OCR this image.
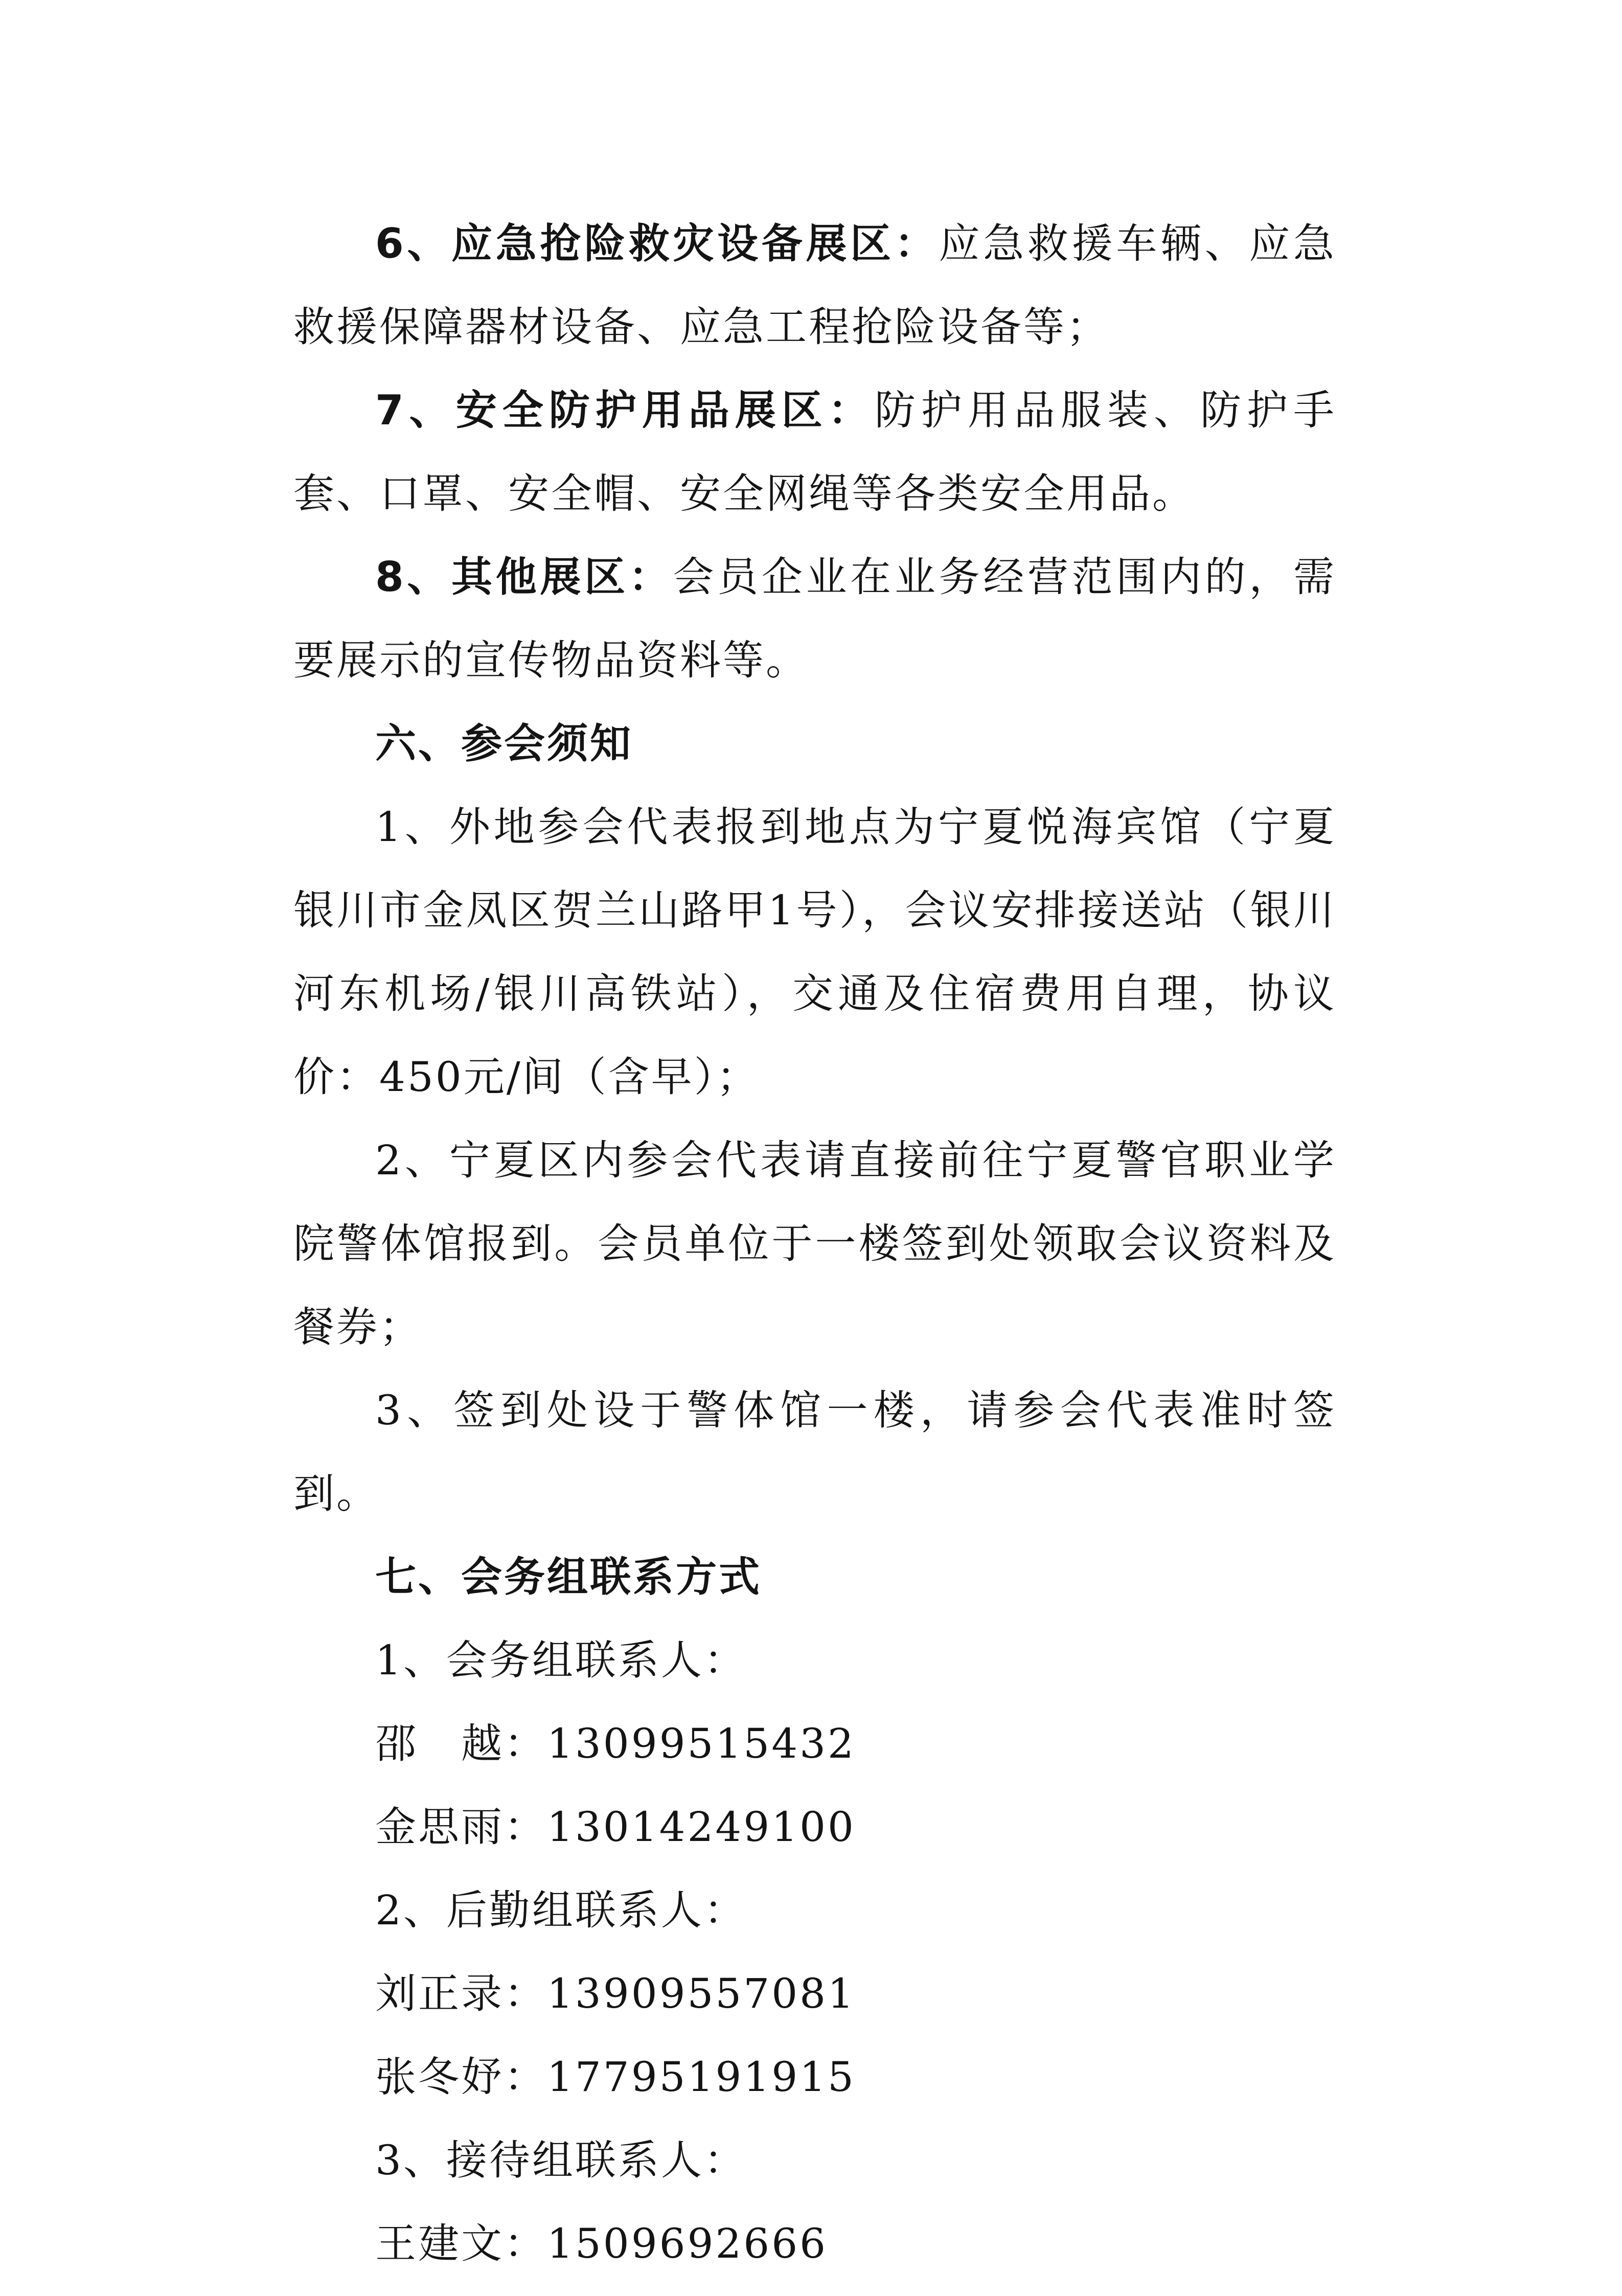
6、应急抢险救灾设备展区：应急救援车辆、应急救援保障器材设备、应急工程抢险设备等；

7、安全防护用品展区：防护用品服装、防护手套、口罩、安全帽、安全网绳等各类安全用品。

8、其他展区：会员企业在业务经营范围内的，需要展示的宣传物品资料等。

六、参会须知

1、外地参会代表报到地点为宁夏悦海宾馆（宁夏银川市金凤区贺兰山路甲1号），会议安排接送站（银川河东机场/银川高铁站），交通及住宿费用自理，协议价：450元/间（含早）；

2、宁夏区内参会代表请直接前往宁夏警官职业学院警体馆报到。会员单位于一楼签到处领取会议资料及餐券；

3、签到处设于警体馆一楼，请参会代表准时签到。

七、会务组联系方式

1、会务组联系人：
邵　越：13099515432
金思雨：13014249100
2、后勤组联系人：
刘正录：13909557081
张冬妤：17795191915
3、接待组联系人：
王建文：1509692666
